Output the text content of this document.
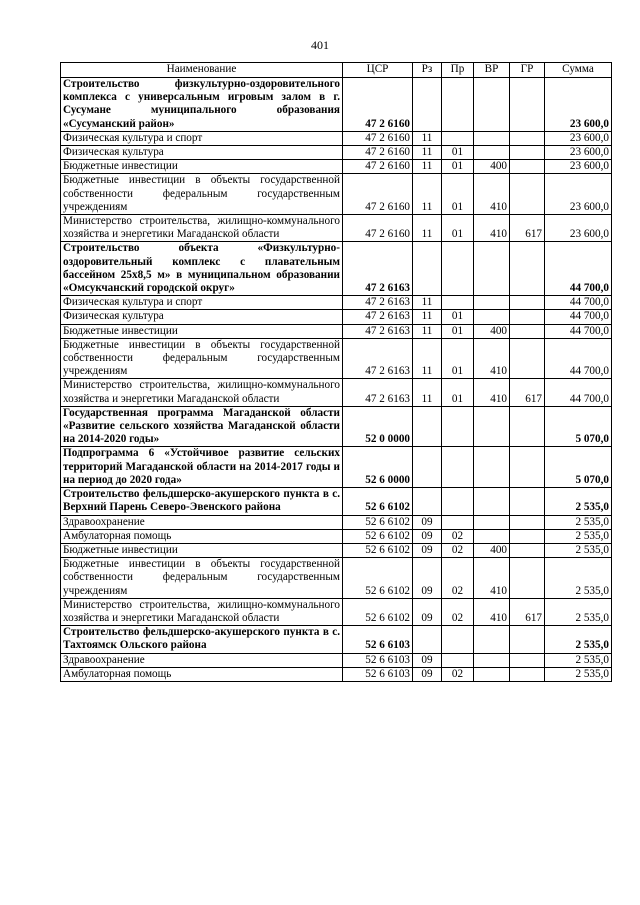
401
Наименование	ЦСР	Рз	Пр	ВР	ГР	Сумма
Строительство физкультурно-оздоровительного комплекса с универсальным игровым залом в г. Сусумане муниципального образования «Сусуманский район»	47 2 6160					23 600,0
Физическая культура и спорт	47 2 6160	11				23 600,0
Физическая культура	47 2 6160	11	01			23 600,0
Бюджетные инвестиции	47 2 6160	11	01	400		23 600,0
Бюджетные инвестиции в объекты государственной собственности федеральным государственным учреждениям	47 2 6160	11	01	410		23 600,0
Министерство строительства, жилищно-коммунального хозяйства и энергетики Магаданской области	47 2 6160	11	01	410	617	23 600,0
Строительство объекта «Физкультурно-оздоровительный комплекс с плавательным бассейном 25х8,5 м» в муниципальном образовании «Омсукчанский городской округ»	47 2 6163					44 700,0
Физическая культура и спорт	47 2 6163	11				44 700,0
Физическая культура	47 2 6163	11	01			44 700,0
Бюджетные инвестиции	47 2 6163	11	01	400		44 700,0
Бюджетные инвестиции в объекты государственной собственности федеральным государственным учреждениям	47 2 6163	11	01	410		44 700,0
Министерство строительства, жилищно-коммунального хозяйства и энергетики Магаданской области	47 2 6163	11	01	410	617	44 700,0
Государственная программа Магаданской области «Развитие сельского хозяйства Магаданской области на 2014-2020 годы»	52 0 0000					5 070,0
Подпрограмма 6 «Устойчивое развитие сельских территорий Магаданской области на 2014-2017 годы и на период до 2020 года»	52 6 0000					5 070,0
Строительство фельдшерско-акушерского пункта в с. Верхний Парень Северо-Эвенского района	52 6 6102					2 535,0
Здравоохранение	52 6 6102	09				2 535,0
Амбулаторная помощь	52 6 6102	09	02			2 535,0
Бюджетные инвестиции	52 6 6102	09	02	400		2 535,0
Бюджетные инвестиции в объекты государственной собственности федеральным государственным учреждениям	52 6 6102	09	02	410		2 535,0
Министерство строительства, жилищно-коммунального хозяйства и энергетики Магаданской области	52 6 6102	09	02	410	617	2 535,0
Строительство фельдшерско-акушерского пункта в с. Тахтоямск Ольского района	52 6 6103					2 535,0
Здравоохранение	52 6 6103	09				2 535,0
Амбулаторная помощь	52 6 6103	09	02			2 535,0
